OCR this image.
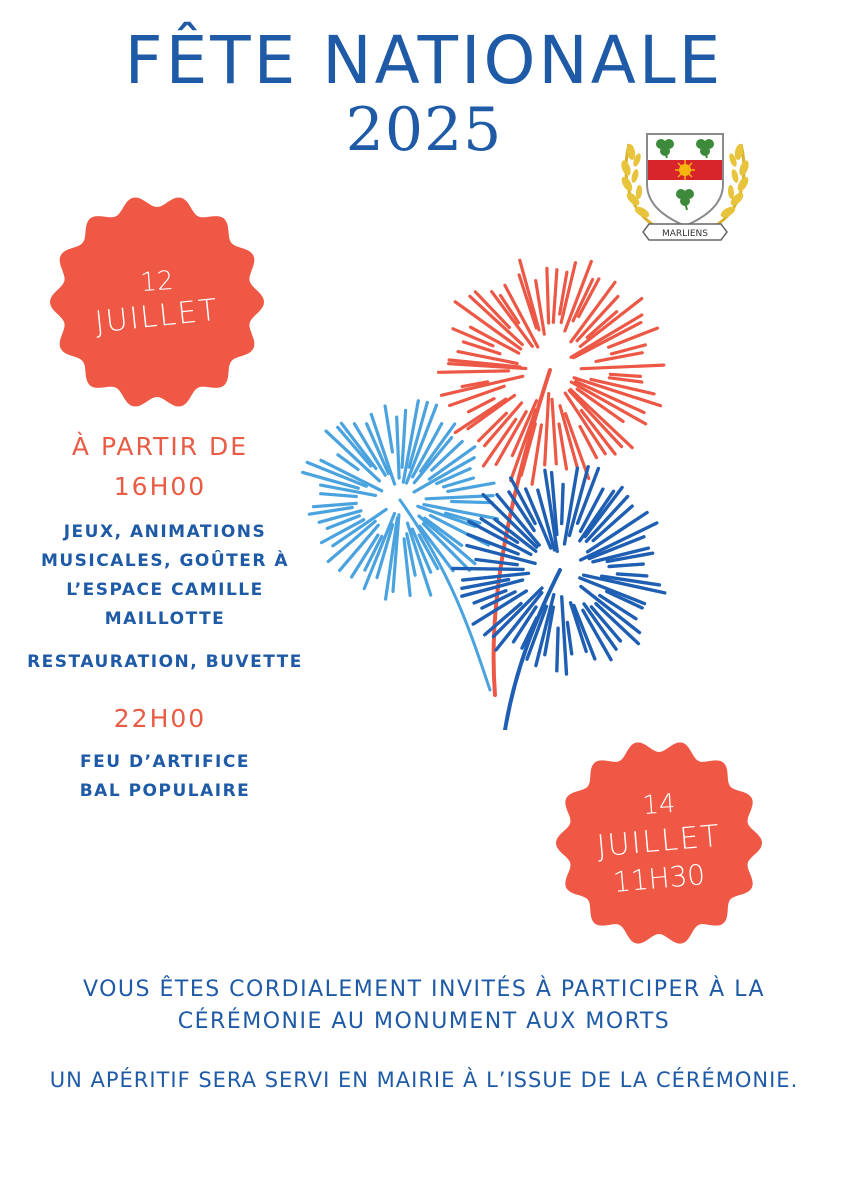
FÊTE NATIONALE
2025
MARLIENS
12
JUILLET
À PARTIR DE
16H00
JEUX, ANIMATIONS
MUSICALES, GOÛTER À
L’ESPACE CAMILLE
MAILLOTTE
RESTAURATION, BUVETTE
22H00
FEU D’ARTIFICE
BAL POPULAIRE	14
JUILLET
11H30
VOUS ÊTES CORDIALEMENT INVITÉS À PARTICIPER À LA
CÉRÉMONIE AU MONUMENT AUX MORTS
UN APÉRITIF SERA SERVI EN MAIRIE À L’ISSUE DE LA CÉRÉMONIE.
